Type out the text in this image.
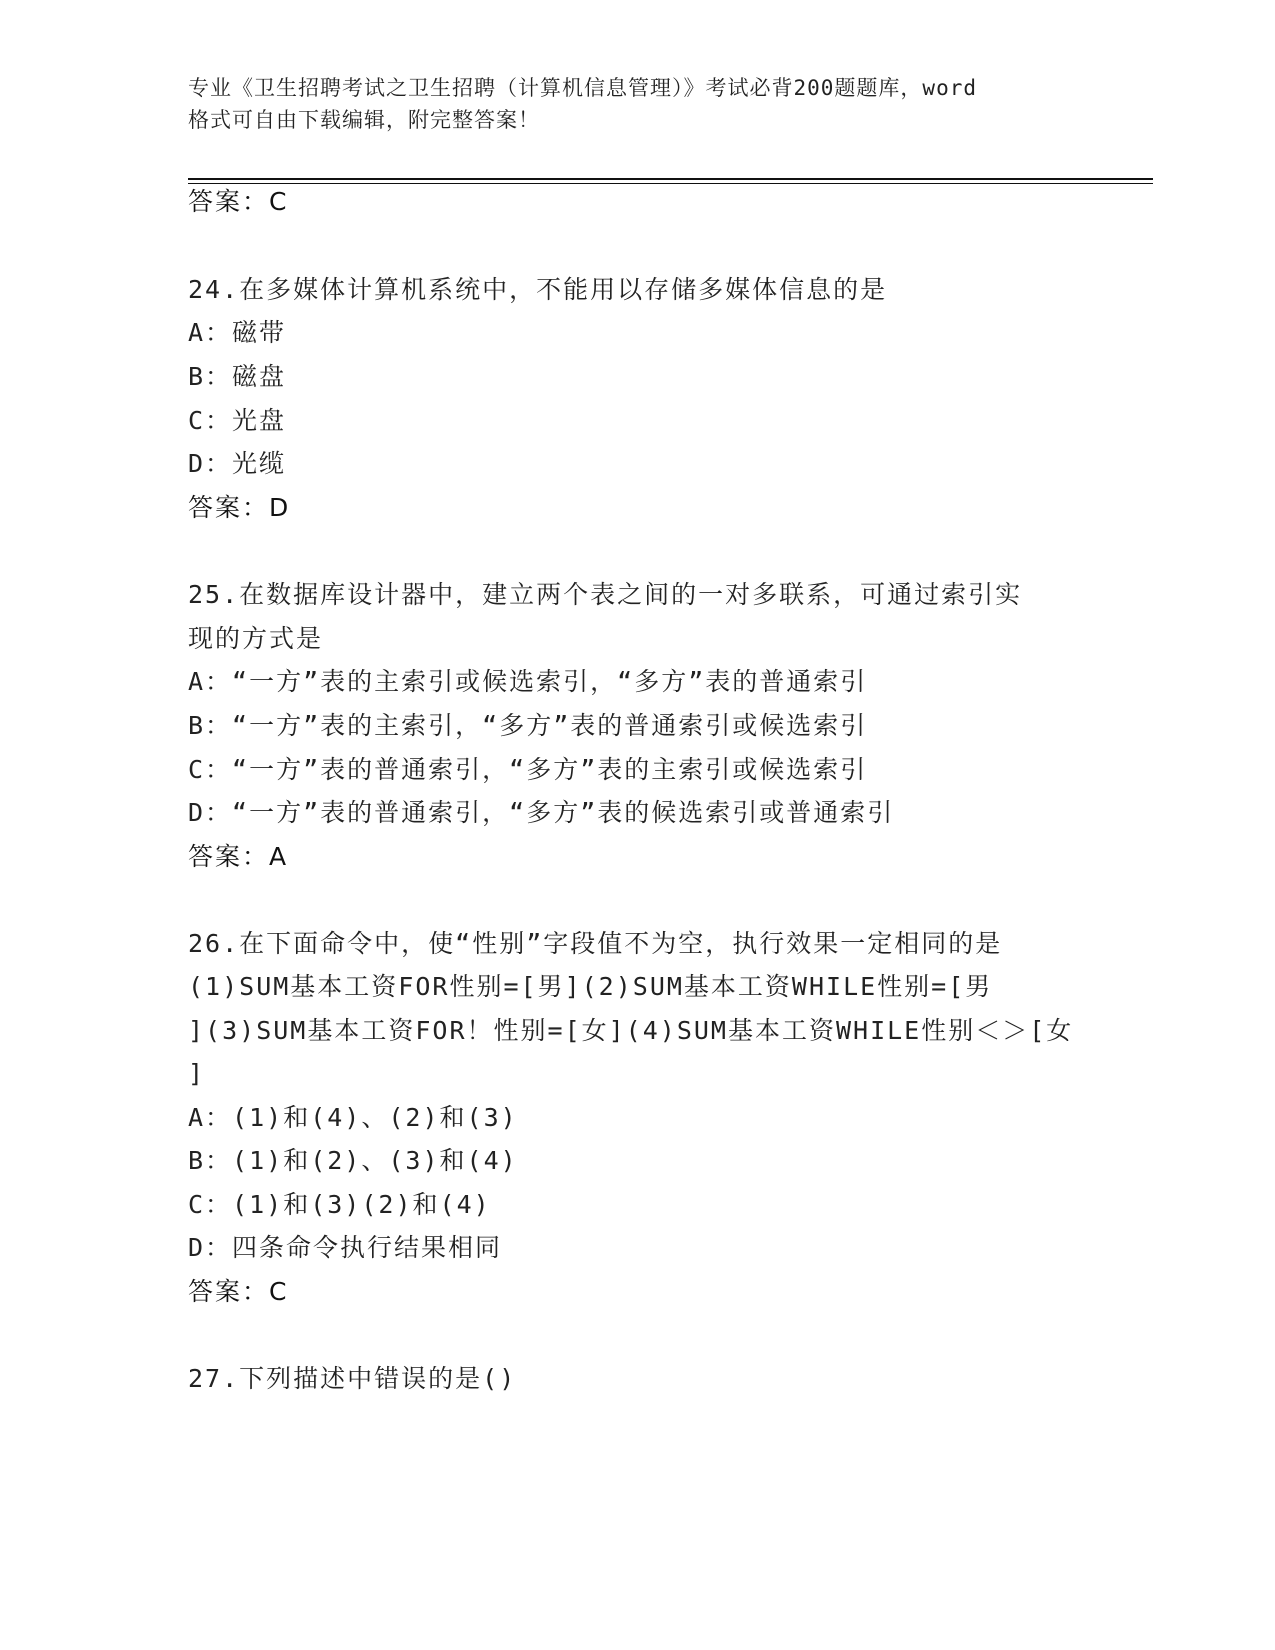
专业《卫生招聘考试之卫生招聘（计算机信息管理）》考试必背200题题库，word
格式可自由下载编辑，附完整答案！
答案：C
24.在多媒体计算机系统中，不能用以存储多媒体信息的是
A：磁带
B：磁盘
C：光盘
D：光缆
答案：D
25.在数据库设计器中，建立两个表之间的一对多联系，可通过索引实
现的方式是
A：“一方”表的主索引或候选索引，“多方”表的普通索引
B：“一方”表的主索引，“多方”表的普通索引或候选索引
C：“一方”表的普通索引，“多方”表的主索引或候选索引
D：“一方”表的普通索引，“多方”表的候选索引或普通索引
答案：A
26.在下面命令中，使“性别”字段值不为空，执行效果一定相同的是
(1)SUM基本工资FOR性别=[男](2)SUM基本工资WHILE性别=[男
](3)SUM基本工资FOR！性别=[女](4)SUM基本工资WHILE性别＜＞[女
]
A：(1)和(4)、(2)和(3)
B：(1)和(2)、(3)和(4)
C：(1)和(3)(2)和(4)
D：四条命令执行结果相同
答案：C
27.下列描述中错误的是()
